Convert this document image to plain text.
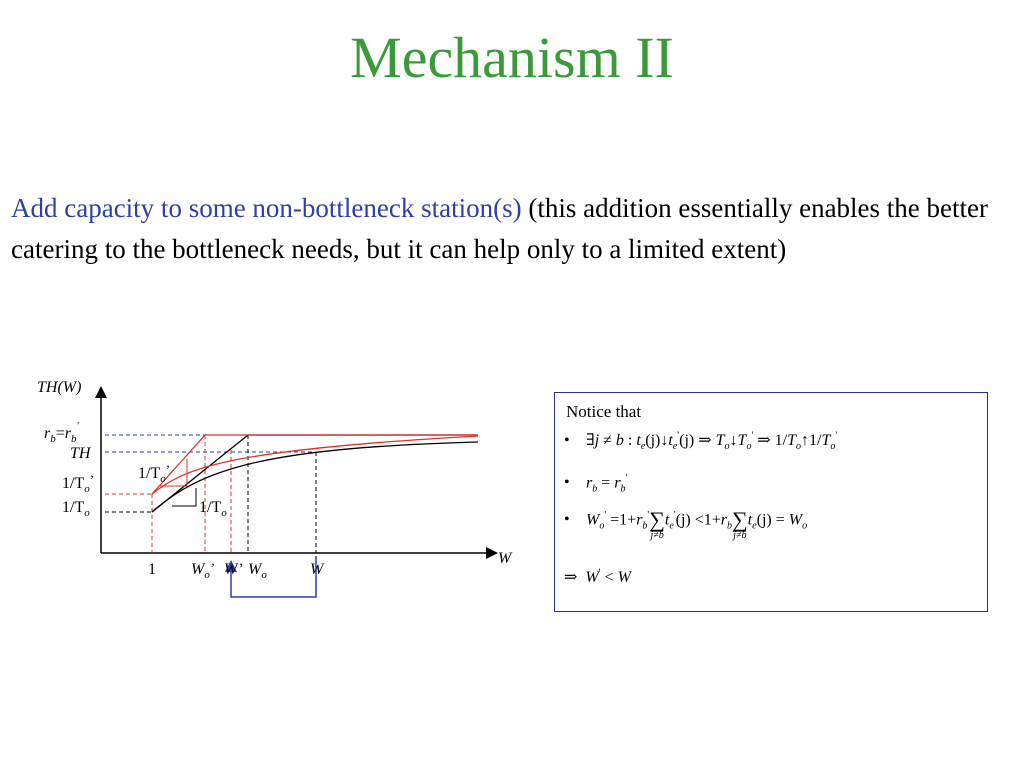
Mechanism II
Add capacity to some non-bottleneck station(s) (this addition essentially enables the better catering to the bottleneck needs, but it can help only to a limited extent)
TH(W)
$r_b=r_b'$
TH
$1/T_o^’$
$1/T_o$
$1/T_o^’$
$1/T_o$
1 $W_o^’$ W’ $W_o$	W
W
Notice that
• ∃j ≠ b : $t_e(j)↓t_e'(j)$ ⇒ $T_o↓T_o'$ ⇒ $1/T_o↑1/T_o'$
• $r_b = r_b'$
• $W_o' =1+r_b'$ ∑
j≠b
$t_e'(j) <1+r_b$ ∑
j≠b
$t_e(j) = W_o$
⇒ W' < W
